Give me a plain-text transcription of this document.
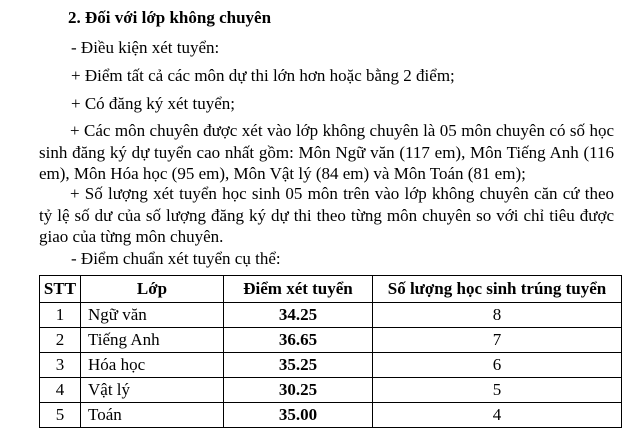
2. Đối với lớp không chuyên
- Điều kiện xét tuyển:
+ Điểm tất cả các môn dự thi lớn hơn hoặc bằng 2 điểm;
+ Có đăng ký xét tuyển;
+ Các môn chuyên được xét vào lớp không chuyên là 05 môn chuyên có số học sinh đăng ký dự tuyển cao nhất gồm: Môn Ngữ văn (117 em), Môn Tiếng Anh (116 em), Môn Hóa học (95 em), Môn Vật lý (84 em) và Môn Toán (81 em);
+ Số lượng xét tuyển học sinh 05 môn trên vào lớp không chuyên căn cứ theo tỷ lệ số dư của số lượng đăng ký dự thi theo từng môn chuyên so với chỉ tiêu được giao của từng môn chuyên.
- Điểm chuẩn xét tuyển cụ thể:
STT	Lớp	Điểm xét tuyển	Số lượng học sinh trúng tuyển
1	Ngữ văn	34.25	8
2	Tiếng Anh	36.65	7
3	Hóa học	35.25	6
4	Vật lý	30.25	5
5	Toán	35.00	4
